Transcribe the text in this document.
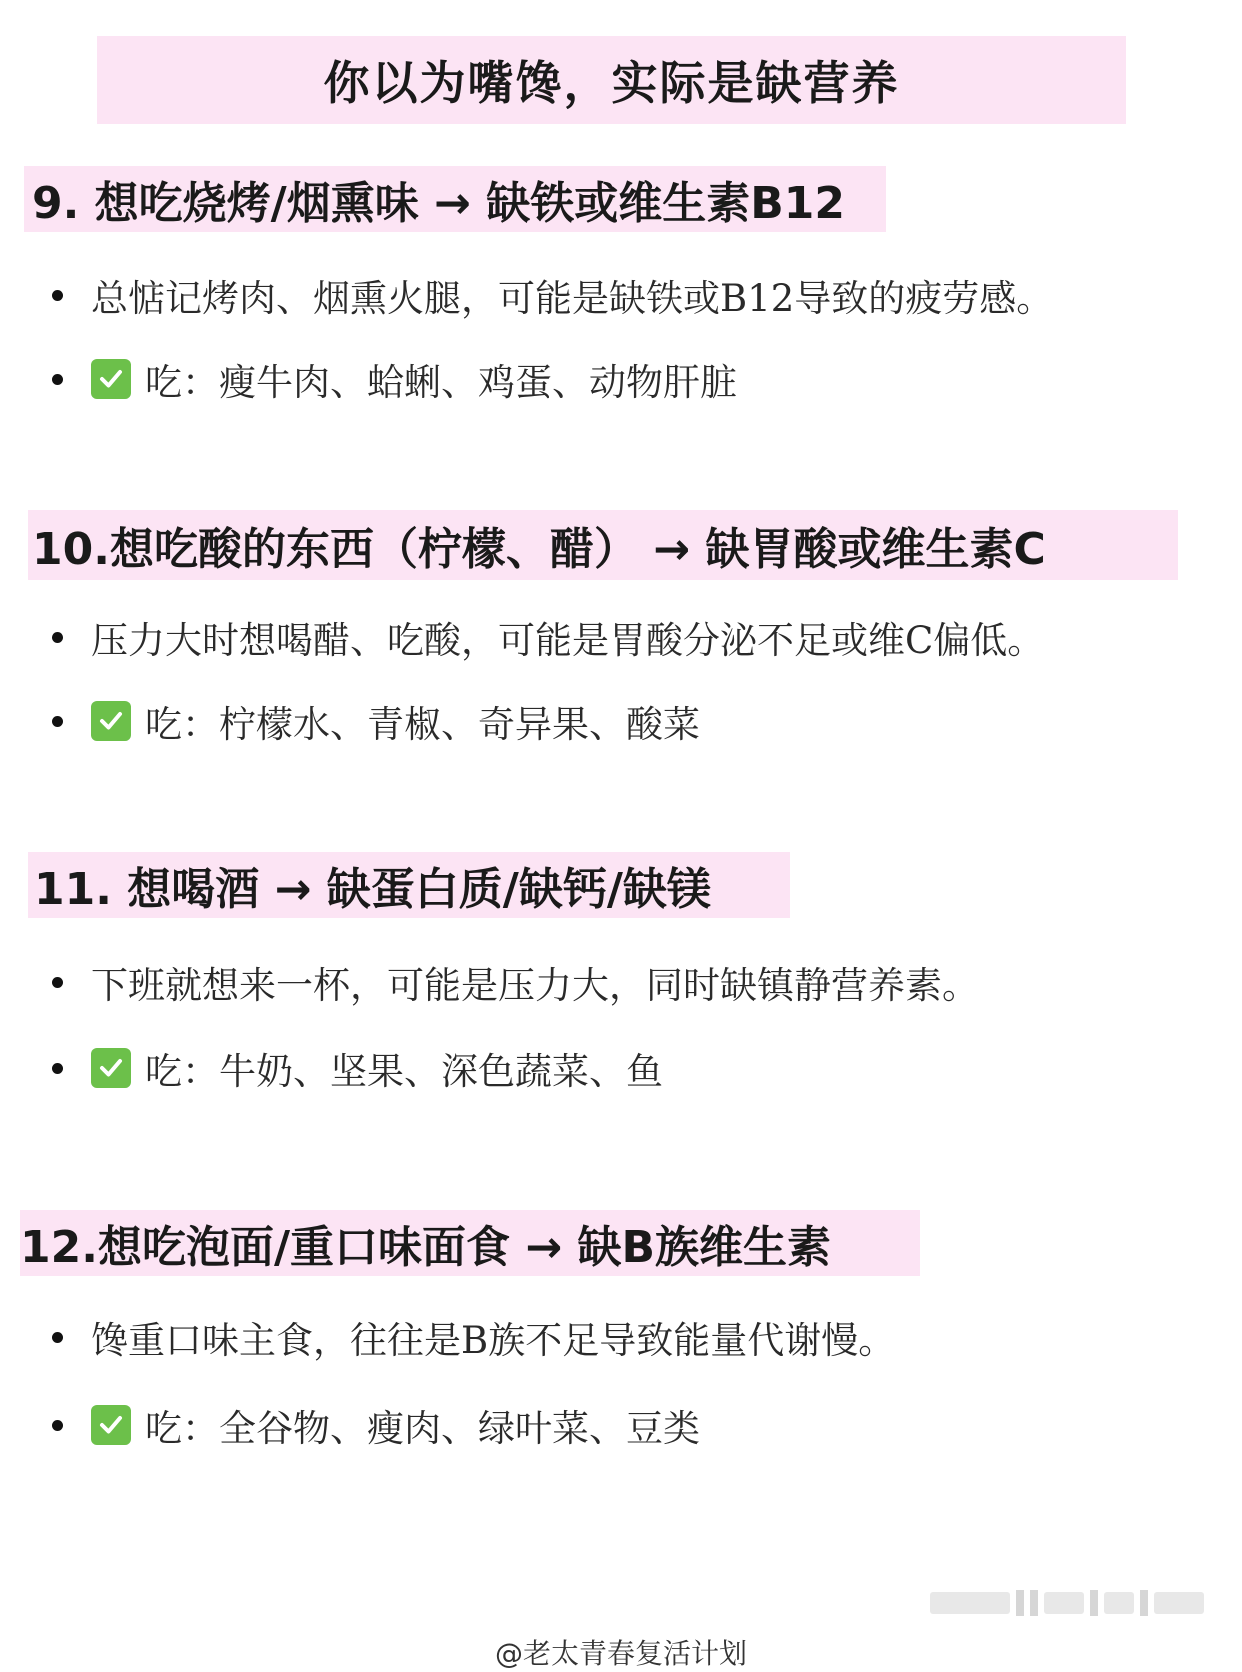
你以为嘴馋，实际是缺营养
9. 想吃烧烤/烟熏味 → 缺铁或维生素B12
总惦记烤肉、烟熏火腿，可能是缺铁或B12导致的疲劳感。
吃：瘦牛肉、蛤蜊、鸡蛋、动物肝脏
10.想吃酸的东西（柠檬、醋） → 缺胃酸或维生素C
压力大时想喝醋、吃酸，可能是胃酸分泌不足或维C偏低。
吃：柠檬水、青椒、奇异果、酸菜
11. 想喝酒 → 缺蛋白质/缺钙/缺镁
下班就想来一杯，可能是压力大，同时缺镇静营养素。
吃：牛奶、坚果、深色蔬菜、鱼
12.想吃泡面/重口味面食 → 缺B族维生素
馋重口味主食，往往是B族不足导致能量代谢慢。
吃：全谷物、瘦肉、绿叶菜、豆类
@老太青春复活计划
